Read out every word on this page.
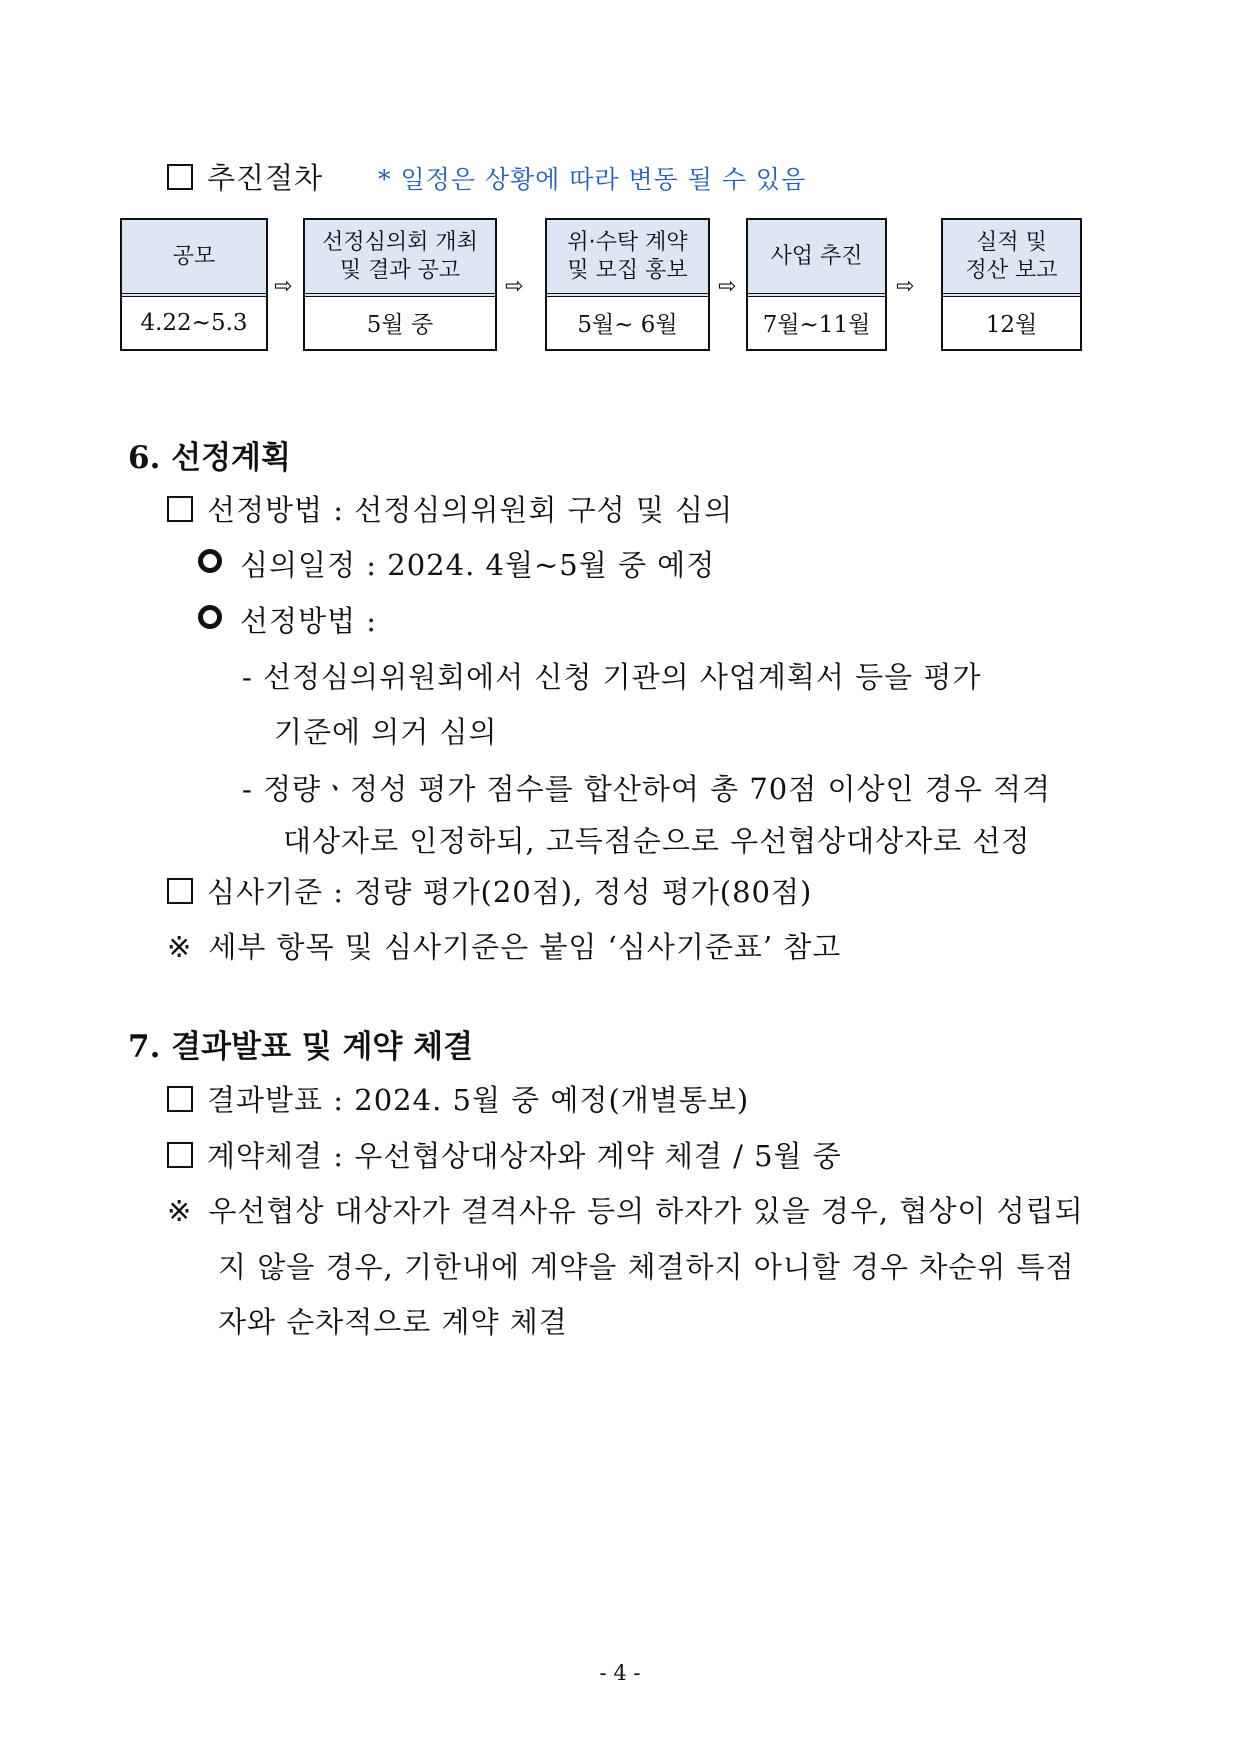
추진절차 * 일정은 상황에 따라 변동 될 수 있음
공모
4.22~5.3
⇨
선정심의회 개최
및 결과 공고
5월 중
⇨
위·수탁 계약
및 모집 홍보
5월~ 6월
⇨
사업 추진
7월~11월
⇨
실적 및
정산 보고
12월
6. 선정계획
선정방법 : 선정심의위원회 구성 및 심의
심의일정 : 2024. 4월~5월 중 예정
선정방법 :
- 선정심의위원회에서 신청 기관의 사업계획서 등을 평가
기준에 의거 심의
- 정량ㆍ정성 평가 점수를 합산하여 총 70점 이상인 경우 적격
대상자로 인정하되, 고득점순으로 우선협상대상자로 선정
심사기준 : 정량 평가(20점), 정성 평가(80점)
※ 세부 항목 및 심사기준은 붙임 ‘심사기준표’ 참고
7. 결과발표 및 계약 체결
결과발표 : 2024. 5월 중 예정(개별통보)
계약체결 : 우선협상대상자와 계약 체결 / 5월 중
※ 우선협상 대상자가 결격사유 등의 하자가 있을 경우, 협상이 성립되
지 않을 경우, 기한내에 계약을 체결하지 아니할 경우 차순위 특점
자와 순차적으로 계약 체결
- 4 -
